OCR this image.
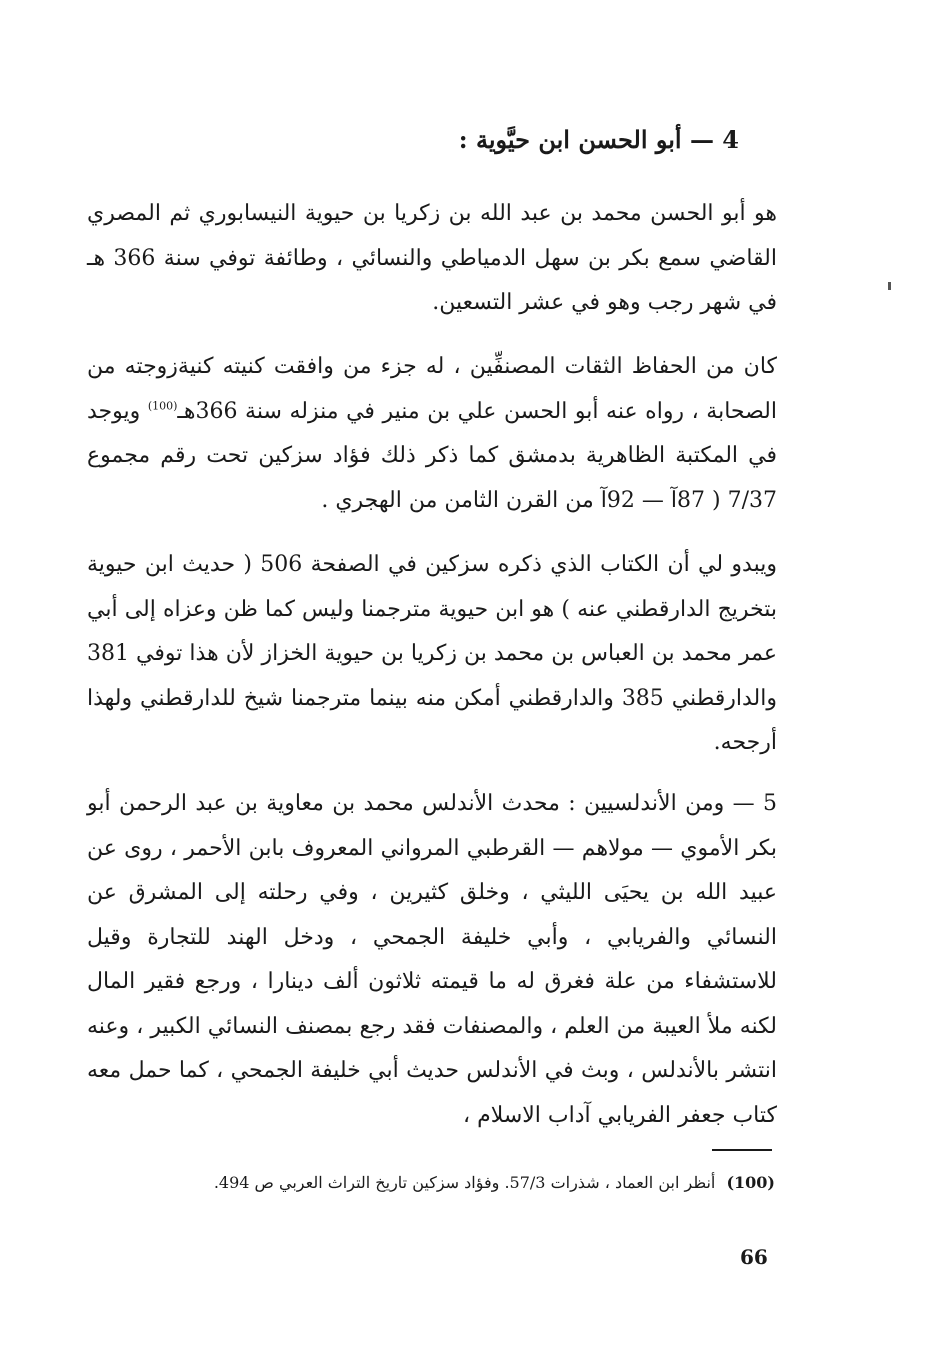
4 — أبو الحسن ابن حيَّوية :

هو أبو الحسن محمد بن عبد الله بن زكريا بن حيوية النيسابوري ثم المصري القاضي سمع بكر بن سهل الدمياطي والنسائي ، وطائفة توفي سنة 366 هـ في شهر رجب وهو في عشر التسعين.

كان من الحفاظ الثقات المصنفِّين ، له جزء من وافقت كنيته كنيةزوجته من الصحابة ، رواه عنه أبو الحسن علي بن منير في منزله سنة 366هـ$^{(100)}$ ويوجد في المكتبة الظاهرية بدمشق كما ذكر ذلك فؤاد سزكين تحت رقم مجموع 7/37 ( 87آ — 92آ من القرن الثامن من الهجري .

ويبدو لي أن الكتاب الذي ذكره سزكين في الصفحة 506 ( حديث ابن حيوية بتخريج الدارقطني عنه ) هو ابن حيوية مترجمنا وليس كما ظن وعزاه إلى أبي عمر محمد بن العباس بن محمد بن زكريا بن حيوية الخزاز لأن هذا توفي 381 والدارقطني 385 والدارقطني أمكن منه بينما مترجمنا شيخ للدارقطني ولهذا أرجحه.

5 — ومن الأندلسيين : محدث الأندلس محمد بن معاوية بن عبد الرحمن أبو بكر الأموي — مولاهم — القرطبي المرواني المعروف بابن الأحمر ، روى عن عبيد الله بن يحيَى الليثي ، وخلق كثيرين ، وفي رحلته إلى المشرق عن النسائي والفريابي ، وأبي خليفة الجمحي ، ودخل الهند للتجارة وقيل للاستشفاء من علة فغرق له ما قيمته ثلاثون ألف دينارا ، ورجع فقير المال لكنه ملأ العيبة من العلم ، والمصنفات فقد رجع بمصنف النسائي الكبير ، وعنه انتشر بالأندلس ، وبث في الأندلس حديث أبي خليفة الجمحي ، كما حمل معه كتاب جعفر الفريابي آداب الاسلام ،

(100) أنظر ابن العماد ، شذرات 57/3. وفؤاد سزكين تاريخ التراث العربي ص 494.
66
